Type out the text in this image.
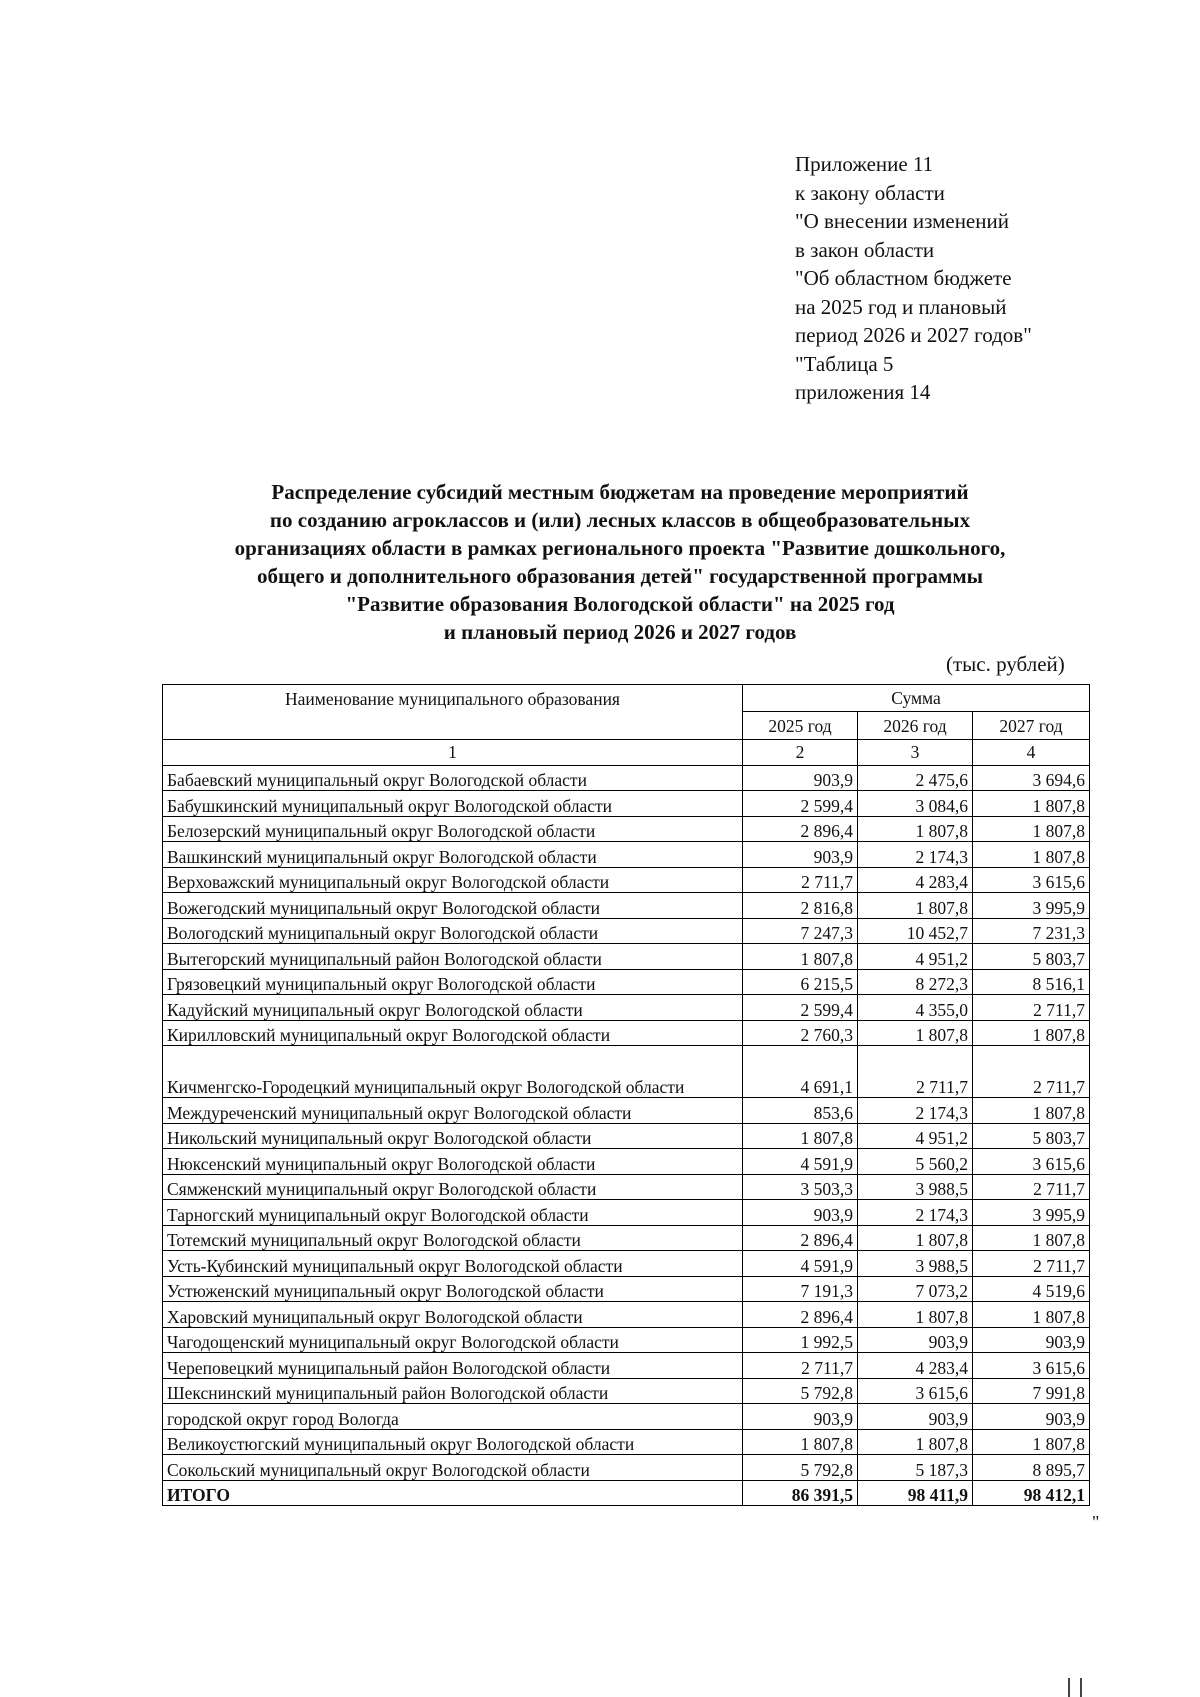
Приложение 11
к закону области
"О внесении изменений
в закон области
"Об областном бюджете
на 2025 год и плановый
период 2026 и 2027 годов"
"Таблица 5
приложения 14
Распределение субсидий местным бюджетам на проведение мероприятий
по созданию агроклассов и (или) лесных классов в общеобразовательных
организациях области в рамках регионального проекта "Развитие дошкольного,
общего и дополнительного образования детей" государственной программы
"Развитие образования Вологодской области" на 2025 год
и плановый период 2026 и 2027 годов
(тыс. рублей)
Наименование муниципального образования	Сумма		
	2025 год	2026 год	2027 год
1	2	3	4
Бабаевский муниципальный округ Вологодской области	903,9	2 475,6	3 694,6
Бабушкинский муниципальный округ Вологодской области	2 599,4	3 084,6	1 807,8
Белозерский муниципальный округ Вологодской области	2 896,4	1 807,8	1 807,8
Вашкинский муниципальный округ Вологодской области	903,9	2 174,3	1 807,8
Верховажский муниципальный округ Вологодской области	2 711,7	4 283,4	3 615,6
Вожегодский муниципальный округ Вологодской области	2 816,8	1 807,8	3 995,9
Вологодский муниципальный округ Вологодской области	7 247,3	10 452,7	7 231,3
Вытегорский муниципальный район Вологодской области	1 807,8	4 951,2	5 803,7
Грязовецкий муниципальный округ Вологодской области	6 215,5	8 272,3	8 516,1
Кадуйский муниципальный округ Вологодской области	2 599,4	4 355,0	2 711,7
Кирилловский муниципальный округ Вологодской области	2 760,3	1 807,8	1 807,8
Кичменгско-Городецкий муниципальный округ Вологодской области	4 691,1	2 711,7	2 711,7
Междуреченский муниципальный округ Вологодской области	853,6	2 174,3	1 807,8
Никольский муниципальный округ Вологодской области	1 807,8	4 951,2	5 803,7
Нюксенский муниципальный округ Вологодской области	4 591,9	5 560,2	3 615,6
Сямженский муниципальный округ Вологодской области	3 503,3	3 988,5	2 711,7
Тарногский муниципальный округ Вологодской области	903,9	2 174,3	3 995,9
Тотемский муниципальный округ Вологодской области	2 896,4	1 807,8	1 807,8
Усть-Кубинский муниципальный округ Вологодской области	4 591,9	3 988,5	2 711,7
Устюженский муниципальный округ Вологодской области	7 191,3	7 073,2	4 519,6
Харовский муниципальный округ Вологодской области	2 896,4	1 807,8	1 807,8
Чагодощенский муниципальный округ Вологодской области	1 992,5	903,9	903,9
Череповецкий муниципальный район Вологодской области	2 711,7	4 283,4	3 615,6
Шекснинский муниципальный район Вологодской области	5 792,8	3 615,6	7 991,8
городской округ город Вологда	903,9	903,9	903,9
Великоустюгский муниципальный округ Вологодской области	1 807,8	1 807,8	1 807,8
Сокольский муниципальный округ Вологодской области	5 792,8	5 187,3	8 895,7
ИТОГО	86 391,5	98 411,9	98 412,1
"
